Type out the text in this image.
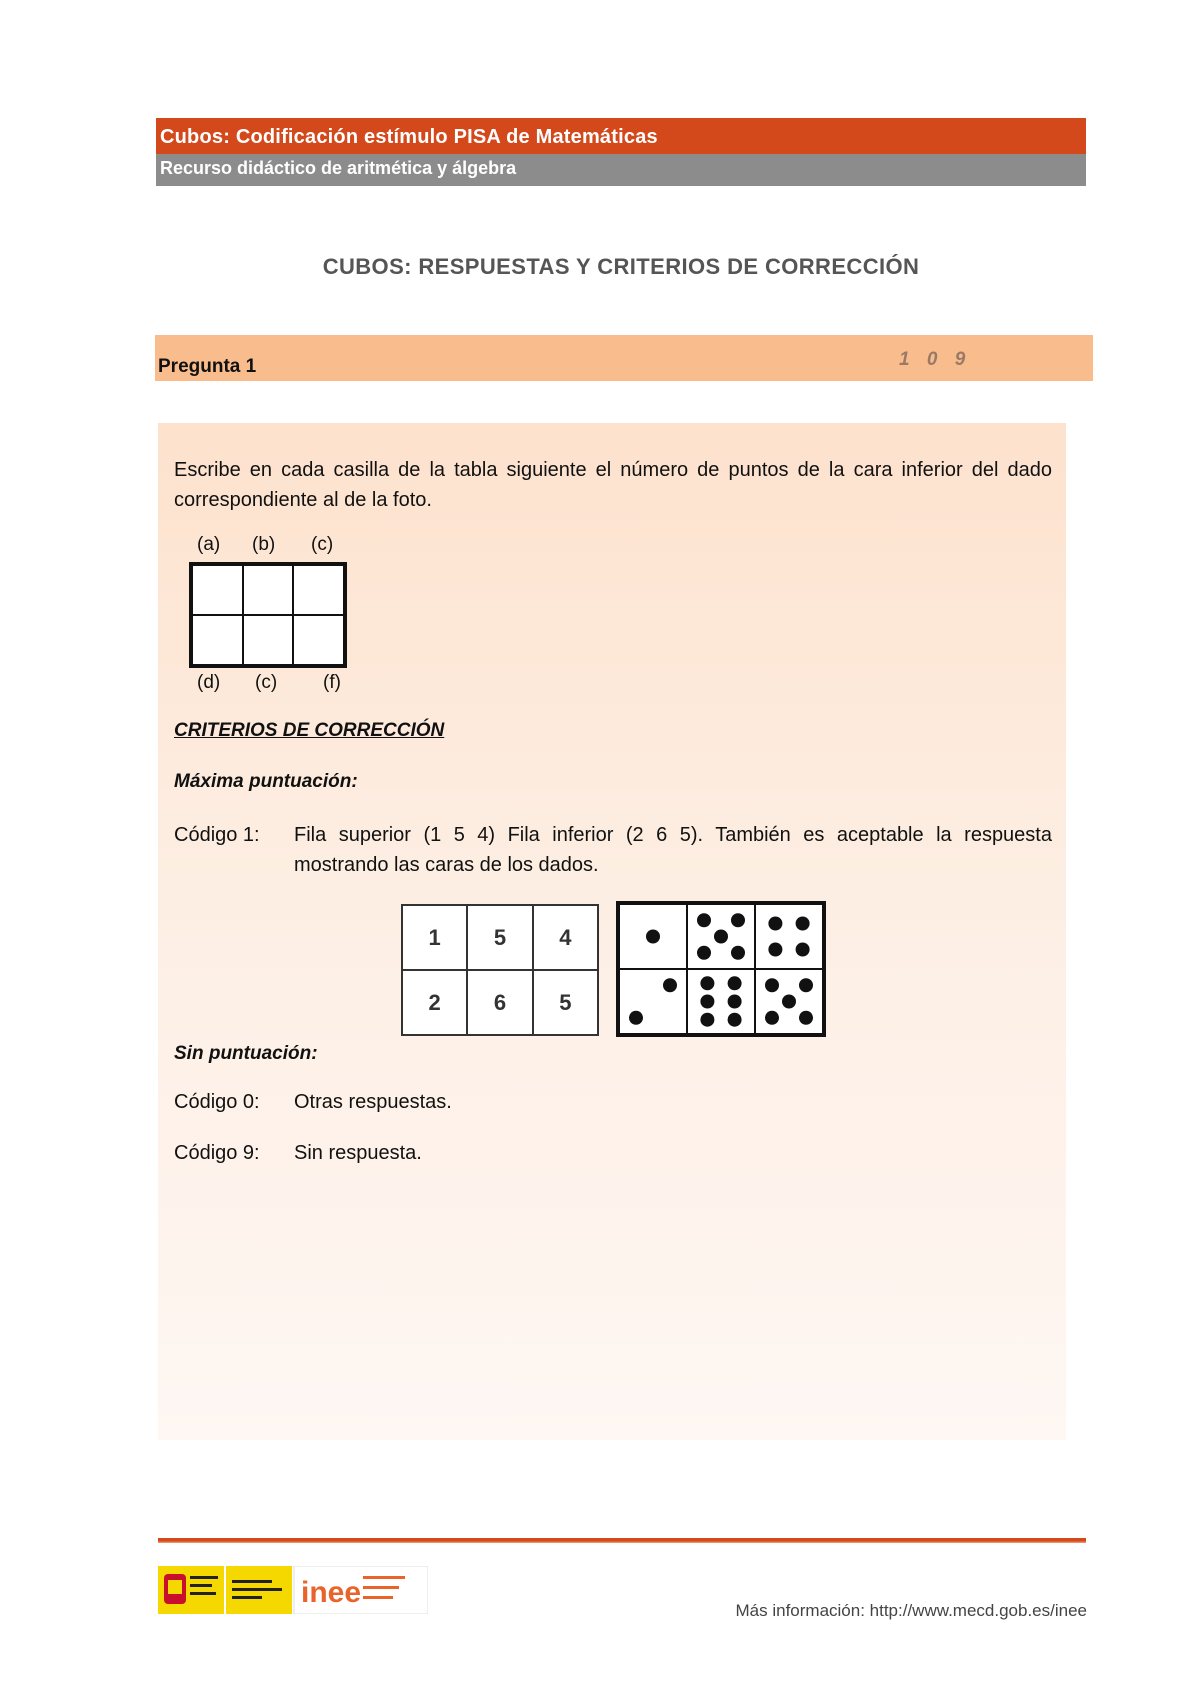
Cubos: Codificación estímulo PISA de Matemáticas
Recurso didáctico de aritmética y álgebra
CUBOS: RESPUESTAS Y CRITERIOS DE CORRECCIÓN
Pregunta 1	1 0 9
Escribe en cada casilla de la tabla siguiente el número de puntos de la cara inferior del dado correspondiente al de la foto.
(a) (b) (c)
(d) (c) (f)
CRITERIOS DE CORRECCIÓN
Máxima puntuación:
Código 1: Fila superior (1 5 4) Fila inferior (2 6 5). También es aceptable la respuesta mostrando las caras de los dados.
1	5	4
2	6	5
Sin puntuación:
Código 0: Otras respuestas.
Código 9: Sin respuesta.
inee
Más información: http://www.mecd.gob.es/inee
